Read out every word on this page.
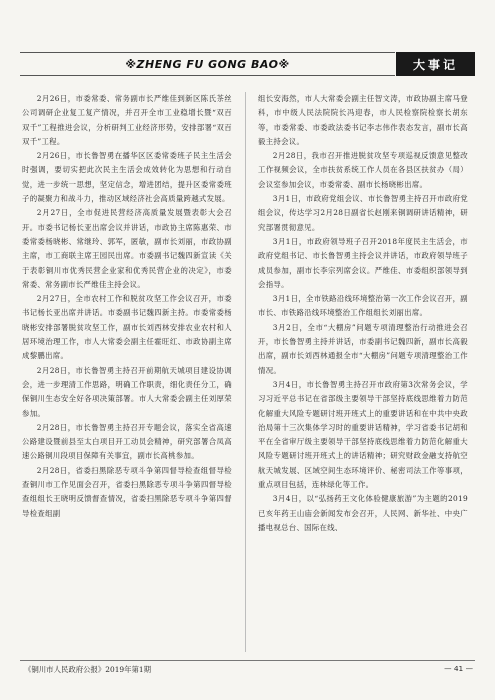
※ZHENG FU GONG BAO※	大事记

2月26日，市委常委、常务副市长严维佳到新区陈氏茶丝公司调研企业复工复产情况，并召开全市工业稳增长暨“双百双千”工程推进会议，分析研判工业经济形势，安排部署“双百双千”工程。

2月26日，市长鲁智勇在播华区区委常委班子民主生活会时强调，要切实把此次民主生活会成效转化为思想和行动自觉，进一步统一思想，坚定信念，增进团结，提升区委常委班子的凝聚力和战斗力，推动区域经济社会高质量跨越式发展。

2月27日，全市促进民营经济高质量发展暨表彰大会召开。市委书记杨长亚出席会议并讲话，市政协主席陈惠荣、市委常委杨晓彬、常继玲、郭军，匿敏，副市长刘丽，市政协副主席，市工商联主席王园民出席。市委副书记魏四新宣读《关于表彰铜川市优秀民营企业家和优秀民营企业的决定》，市委常委、常务副市长严维佳主持会议。

2月27日，全市农村工作和脱贫攻坚工作会议召开，市委书记杨长亚出席并讲话。市委副书记魏四新主持。市委常委杨晓彬安排部署脱贫攻坚工作，副市长刘西林安排农业农村和人居环境治理工作，市人大常委会副主任霍旺红、市政协副主席成黎鹏出席。

2月28日，市长鲁智勇主持召开前期航天城项目建设协调会，进一步理清工作思路，明确工作职责，细化责任分工，确保铜川生态安全好各项决策部署。市人大常委会副主任刘厚荣参加。

2月28日，市长鲁智勇主持召开专题会议，落实全省高速公路建设暨前县至太白项目开工动员会精神，研究部署合凤高速公路铜川段项目保障有关事宜，副市长高桃参加。

2月28日，省委扫黑除恶专项斗争第四督导检查组督导检查铜川市工作见面会召开，省委扫黑除恶专项斗争第四督导检查组组长王晓明反馈督查情况，省委扫黑除恶专项斗争第四督导检查组副

组长安海然，市人大常委会副主任智文涛，市政协副主席马登科，市中级人民法院院长冯迎春，市人民检察院检察长胡东等，市委常委、市委政法委书记李志伟作表态发言，副市长高毅主持会议。

2月28日，我市召开推进脱贫攻坚专项巡视反馈意见整改工作视频会议，全市扶贫系统工作人员在各县区扶贫办（局）会议室参加会议，市委常委、副市长杨晓彬出席。

3月1日，市政府党组会议、市长鲁智勇主持召开市政府党组会议，传达学习2月28日副省长赵刚来铜调研讲话精神，研究部署贯彻意见。

3月1日，市政府领导班子召开2018年度民主生活会，市政府党组书记、市长鲁智勇主持会议并讲话，市政府领导班子成员参加，副市长李宗列席会议。严维佳、市委组织部领导到会指导。

3月1日，全市铁路沿线环境整治第一次工作会议召开，副市长、市铁路沿线环境整治工作组组长刘丽出席。

3月2日，全市“大棚房”问题专项清理整治行动推进会召开，市长鲁智勇主持并讲话，市委副书记魏四新，副市长高毅出席，副市长刘西林通报全市“大棚房”问题专项清理整治工作情况。

3月4日，市长鲁智勇主持召开市政府第3次常务会议，学习习近平总书记在省部级主要领导干部坚持底线思维着力防范化解重大风险专题研讨班开班式上的重要讲话和在中共中央政治局第十三次集体学习时的重要讲话精神，学习省委书记胡和平在全省审厅级主要领导干部坚持底线思维着力防范化解重大风险专题研讨班开班式上的讲话精神；研究财政金融支持航空航天城发展、区域空间生态环境评价、秘密司法工作等事项，重点项目包括，连林绿化等工作。

3月4日，以“弘扬药王文化体验健康旅游”为主题的2019已亥年药王山庙会新闻发布会召开，人民网、新华社、中央广播电视总台、国际在线、

《铜川市人民政府公报》2019年第1期	— 41 —
